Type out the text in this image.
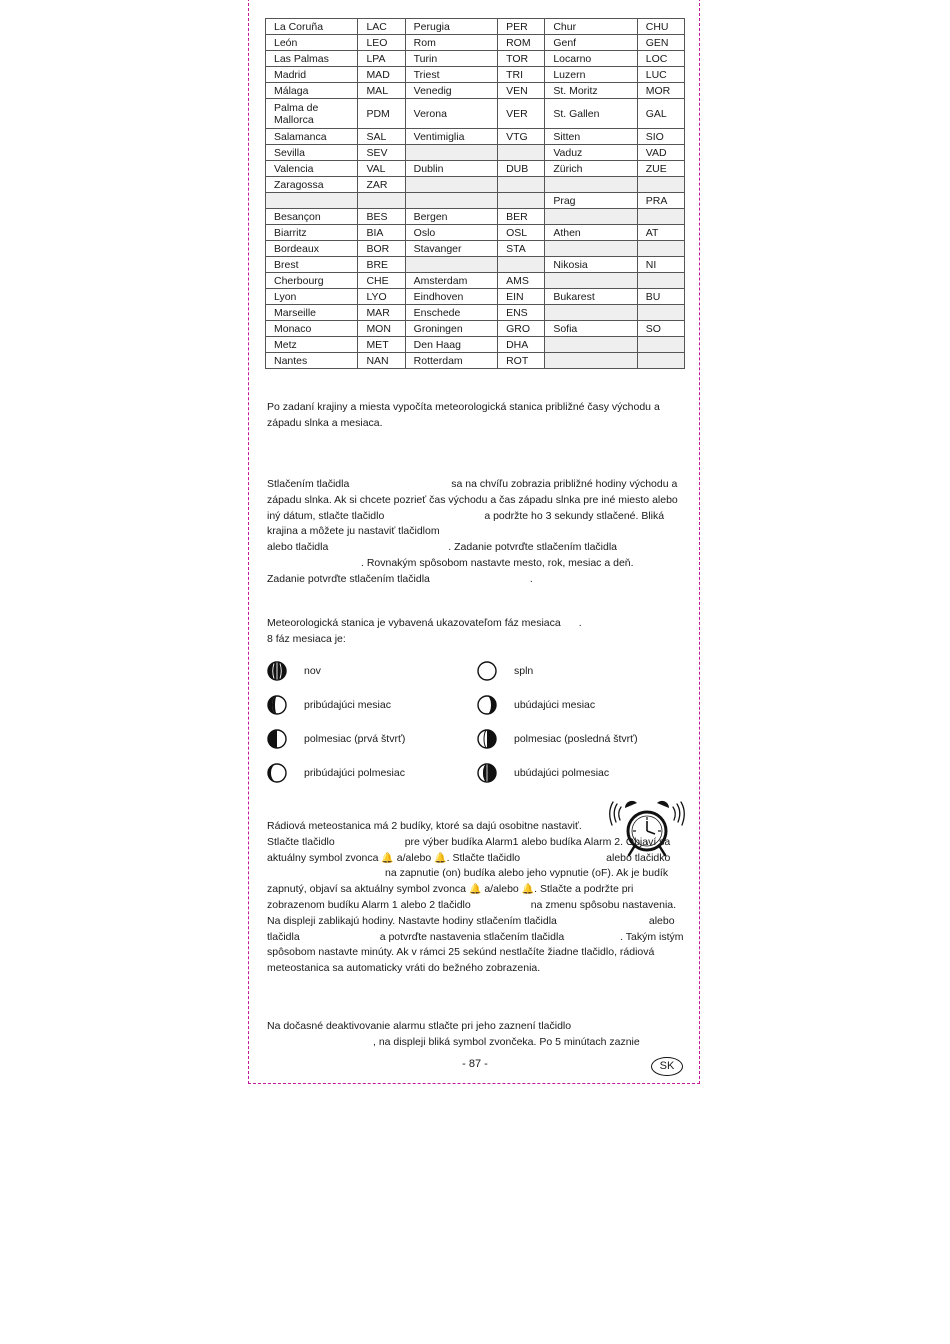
La Coruña	LAC	Perugia	PER	Chur	CHU
León	LEO	Rom	ROM	Genf	GEN
Las Palmas	LPA	Turin	TOR	Locarno	LOC
Madrid	MAD	Triest	TRI	Luzern	LUC
Málaga	MAL	Venedig	VEN	St. Moritz	MOR
Palma de Mallorca	PDM	Verona	VER	St. Gallen	GAL
Salamanca	SAL	Ventimiglia	VTG	Sitten	SIO
Sevilla	SEV			Vaduz	VAD
Valencia	VAL	Dublin	DUB	Zürich	ZUE
Zaragossa	ZAR				
				Prag	PRA
Besançon	BES	Bergen	BER		
Biarritz	BIA	Oslo	OSL	Athen	AT
Bordeaux	BOR	Stavanger	STA		
Brest	BRE			Nikosia	NI
Cherbourg	CHE	Amsterdam	AMS		
Lyon	LYO	Eindhoven	EIN	Bukarest	BU
Marseille	MAR	Enschede	ENS		
Monaco	MON	Groningen	GRO	Sofia	SO
Metz	MET	Den Haag	DHA		
Nantes	NAN	Rotterdam	ROT		

Po zadaní krajiny a miesta vypočíta meteorologická stanica približné časy východu a západu slnka a mesiaca.

Stlačením tlačidla	sa na chvíľu zobrazia približné hodiny východu a západu slnka. Ak si chcete pozrieť čas východu a čas západu slnka pre iné miesto alebo iný dátum, stlačte tlačidlo	a podržte ho 3 sekundy stlačené. Bliká krajina a môžete ju nastaviť tlačidlom
alebo tlačidla	. Zadanie potvrďte stlačením tlačidla
. Rovnakým spôsobom nastavte mesto, rok, mesiac a deň.
Zadanie potvrďte stlačením tlačidla	.

Meteorologická stanica je vybavená ukazovateľom fáz mesiaca .
8 fáz mesiaca je:

nov	spln
pribúdajúci mesiac	ubúdajúci mesiac
polmesiac (prvá štvrť)	polmesiac (posledná štvrť)
pribúdajúci polmesiac	ubúdajúci polmesiac

Rádiová meteostanica má 2 budíky, ktoré sa dajú osobitne nastaviť.
Stlačte tlačidlo	pre výber budíka Alarm1 alebo budíka Alarm 2. Objaví sa aktuálny symbol zvonca 🔔 a/alebo 🔔. Stlačte tlačidlo	alebo tlačidkona zapnutie (on) budíka alebo jeho vypnutie (oF). Ak je budík zapnutý, objaví sa aktuálny symbol zvonca 🔔 a/alebo 🔔. Stlačte a podržte pri zobrazenom budíku Alarm 1 alebo 2 tlačidlo	na zmenu spôsobu nastavenia. Na displeji zablikajú hodiny. Nastavte hodiny stlačením tlačidla	alebo tlačidla	a potvrďte nastavenia stlačením tlačidla	. Takým istým spôsobom nastavte minúty. Ak v rámci 25 sekúnd nestlačíte žiadne tlačidlo, rádiová meteostanica sa automaticky vráti do bežného zobrazenia.

Na dočasné deaktivovanie alarmu stlačte pri jeho zaznení tlačidlo
, na displeji bliká symbol zvončeka. Po 5 minútach zaznie

- 87 -	SK
